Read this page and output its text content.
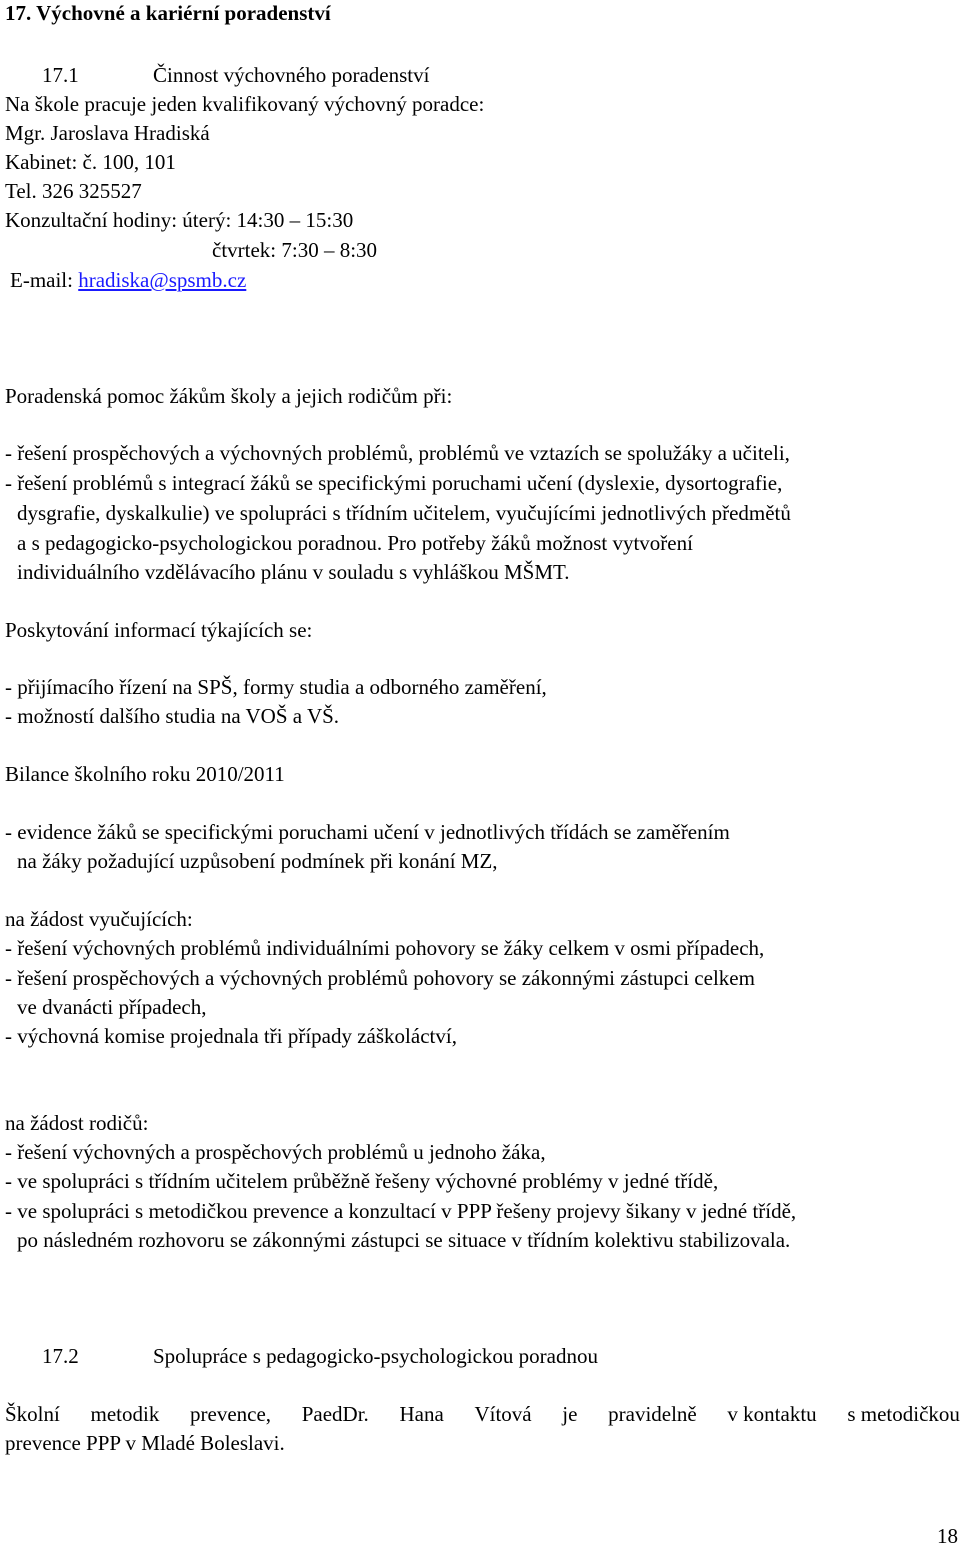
17. Výchovné a kariérní poradenství
17.1	Činnost výchovného poradenství
Na škole pracuje jeden kvalifikovaný výchovný poradce:
Mgr. Jaroslava Hradiská
Kabinet: č. 100, 101
Tel. 326 325527
Konzultační hodiny: úterý: 14:30 – 15:30
čtvrtek: 7:30 – 8:30
E-mail: hradiska@spsmb.cz
Poradenská pomoc žákům školy a jejich rodičům při:
- řešení prospěchových a výchovných problémů, problémů ve vztazích se spolužáky a učiteli,
- řešení problémů s integrací žáků se specifickými poruchami učení (dyslexie, dysortografie,
dysgrafie, dyskalkulie) ve spolupráci s třídním učitelem, vyučujícími jednotlivých předmětů
a s pedagogicko-psychologickou poradnou. Pro potřeby žáků možnost vytvoření
individuálního vzdělávacího plánu v souladu s vyhláškou MŠMT.
Poskytování informací týkajících se:
- přijímacího řízení na SPŠ, formy studia a odborného zaměření,
- možností dalšího studia na VOŠ a VŠ.
Bilance školního roku 2010/2011
- evidence žáků se specifickými poruchami učení v jednotlivých třídách se zaměřením
na žáky požadující uzpůsobení podmínek při konání MZ,
na žádost vyučujících:
- řešení výchovných problémů individuálními pohovory se žáky celkem v osmi případech,
- řešení prospěchových a výchovných problémů pohovory se zákonnými zástupci celkem
ve dvanácti případech,
- výchovná komise projednala tři případy záškoláctví,
na žádost rodičů:
- řešení výchovných a prospěchových problémů u jednoho žáka,
- ve spolupráci s třídním učitelem průběžně řešeny výchovné problémy v jedné třídě,
- ve spolupráci s metodičkou prevence a konzultací v PPP řešeny projevy šikany v jedné třídě,
po následném rozhovoru se zákonnými zástupci se situace v třídním kolektivu stabilizovala.
17.2	Spolupráce s pedagogicko-psychologickou poradnou
Školní metodik prevence, PaedDr. Hana Vítová je pravidelně v kontaktu s metodičkou
prevence PPP v Mladé Boleslavi.
18
